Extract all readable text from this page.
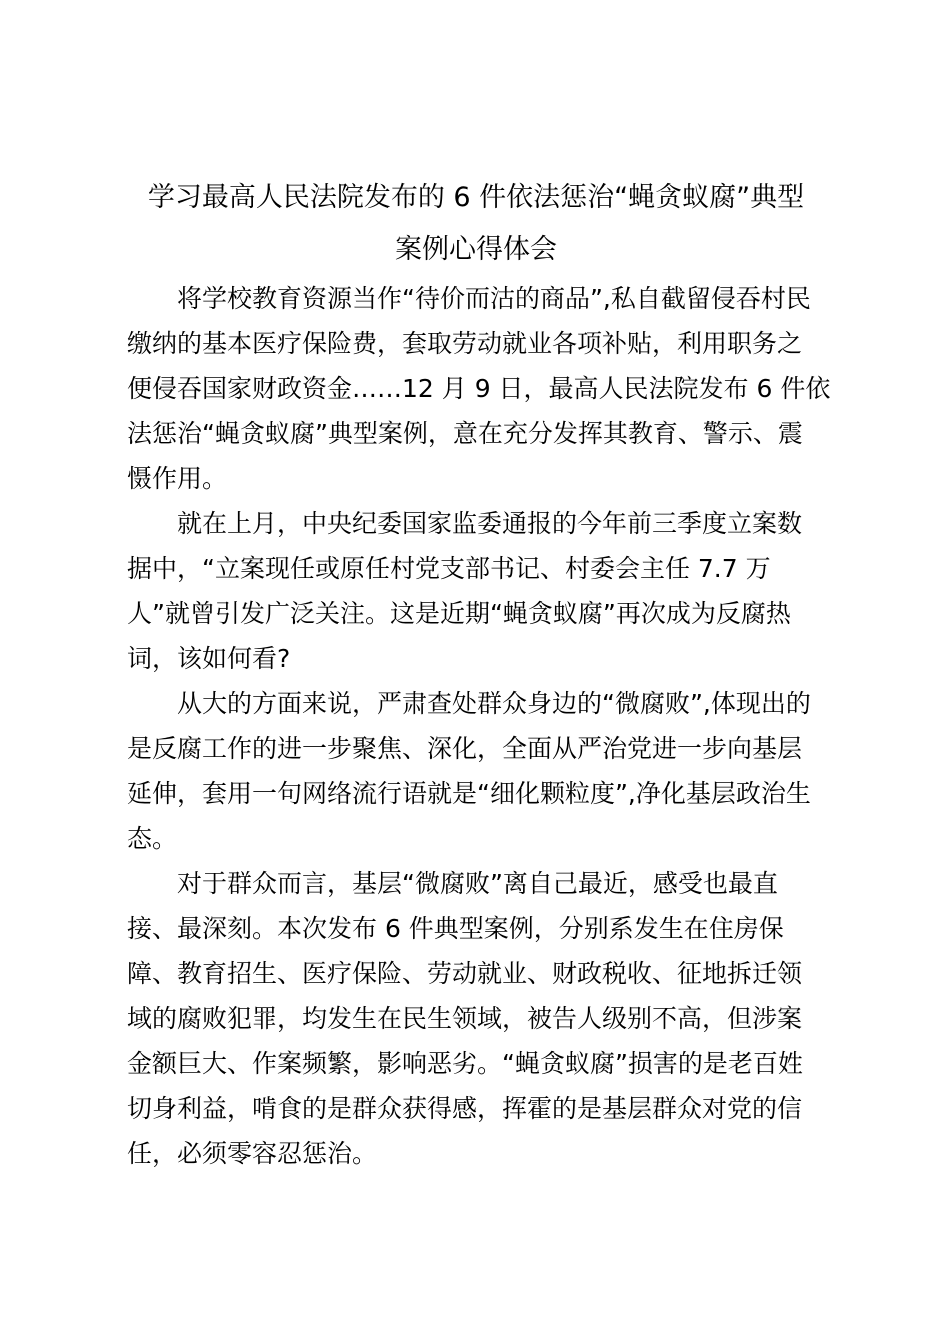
学习最高人民法院发布的 6 件依法惩治“蝇贪蚁腐”典型
案例心得体会

将学校教育资源当作“待价而沽的商品”,私自截留侵吞村民
缴纳的基本医疗保险费，套取劳动就业各项补贴，利用职务之
便侵吞国家财政资金……12 月 9 日，最高人民法院发布 6 件依
法惩治“蝇贪蚁腐”典型案例，意在充分发挥其教育、警示、震
慑作用。

就在上月，中央纪委国家监委通报的今年前三季度立案数
据中，“立案现任或原任村党支部书记、村委会主任 7.7 万
人”就曾引发广泛关注。这是近期“蝇贪蚁腐”再次成为反腐热
词，该如何看?

从大的方面来说，严肃查处群众身边的“微腐败”,体现出的
是反腐工作的进一步聚焦、深化，全面从严治党进一步向基层
延伸，套用一句网络流行语就是“细化颗粒度”,净化基层政治生
态。

对于群众而言，基层“微腐败”离自己最近，感受也最直
接、最深刻。本次发布 6 件典型案例，分别系发生在住房保
障、教育招生、医疗保险、劳动就业、财政税收、征地拆迁领
域的腐败犯罪，均发生在民生领域，被告人级别不高，但涉案
金额巨大、作案频繁，影响恶劣。“蝇贪蚁腐”损害的是老百姓
切身利益，啃食的是群众获得感，挥霍的是基层群众对党的信
任，必须零容忍惩治。
